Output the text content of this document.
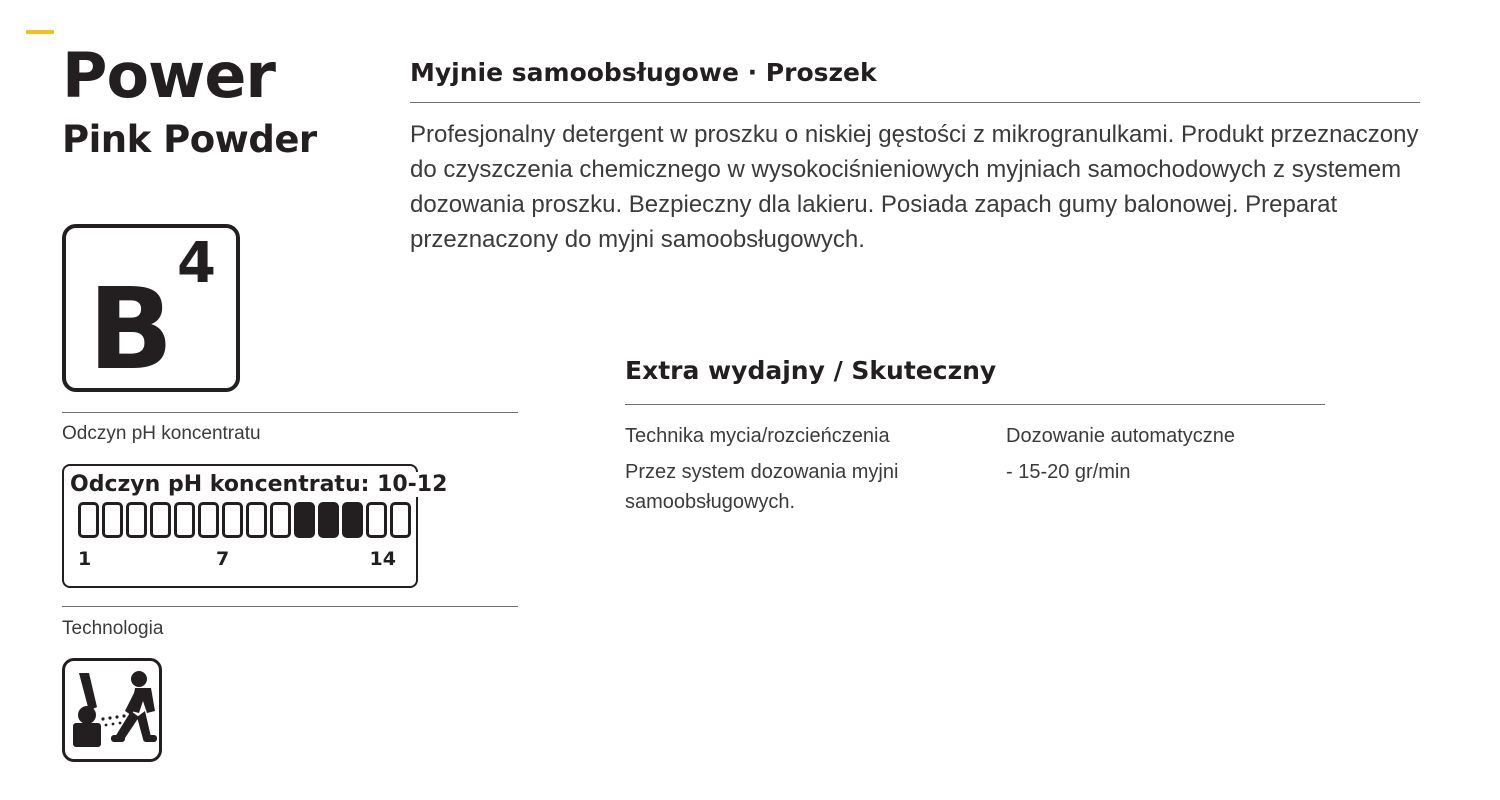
Power
Pink Powder
4
B
Odczyn pH koncentratu
Odczyn pH koncentratu: 10-12
1	7	14
Technologia
Myjnie samoobsługowe · Proszek

Profesjonalny detergent w proszku o niskiej gęstości z mikrogranulkami. Produkt przeznaczony do czyszczenia chemicznego w wysokociśnieniowych myjniach samochodowych z systemem dozowania proszku. Bezpieczny dla lakieru. Posiada zapach gumy balonowej. Preparat przeznaczony do myjni samoobsługowych.

Extra wydajny / Skuteczny

Technika mycia/rozcieńczenia

Przez system dozowania myjni samoobsługowych.

Dozowanie automatyczne

- 15-20 gr/min
